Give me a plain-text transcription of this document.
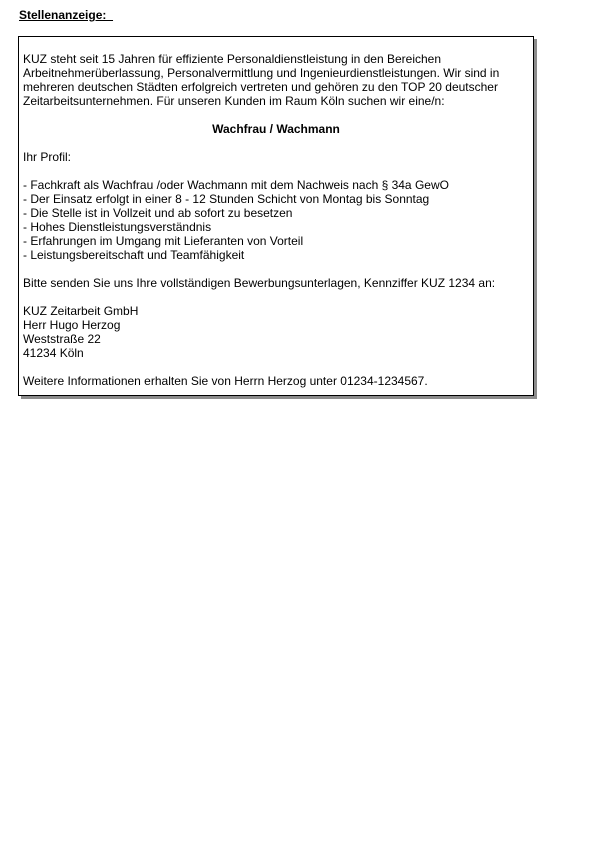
Stellenanzeige:

KUZ steht seit 15 Jahren für effiziente Personaldienstleistung in den Bereichen

Arbeitnehmerüberlassung, Personalvermittlung und Ingenieurdienstleistungen. Wir sind in

mehreren deutschen Städten erfolgreich vertreten und gehören zu den TOP 20 deutscher

Zeitarbeitsunternehmen. Für unseren Kunden im Raum Köln suchen wir eine/n:

Wachfrau / Wachmann

Ihr Profil:

- Fachkraft als Wachfrau /oder Wachmann mit dem Nachweis nach § 34a GewO
- Der Einsatz erfolgt in einer 8 - 12 Stunden Schicht von Montag bis Sonntag
- Die Stelle ist in Vollzeit und ab sofort zu besetzen
- Hohes Dienstleistungsverständnis
- Erfahrungen im Umgang mit Lieferanten von Vorteil
- Leistungsbereitschaft und Teamfähigkeit

Bitte senden Sie uns Ihre vollständigen Bewerbungsunterlagen, Kennziffer KUZ 1234 an:

KUZ Zeitarbeit GmbH

Herr Hugo Herzog

Weststraße 22

41234 Köln

Weitere Informationen erhalten Sie von Herrn Herzog unter 01234-1234567.
